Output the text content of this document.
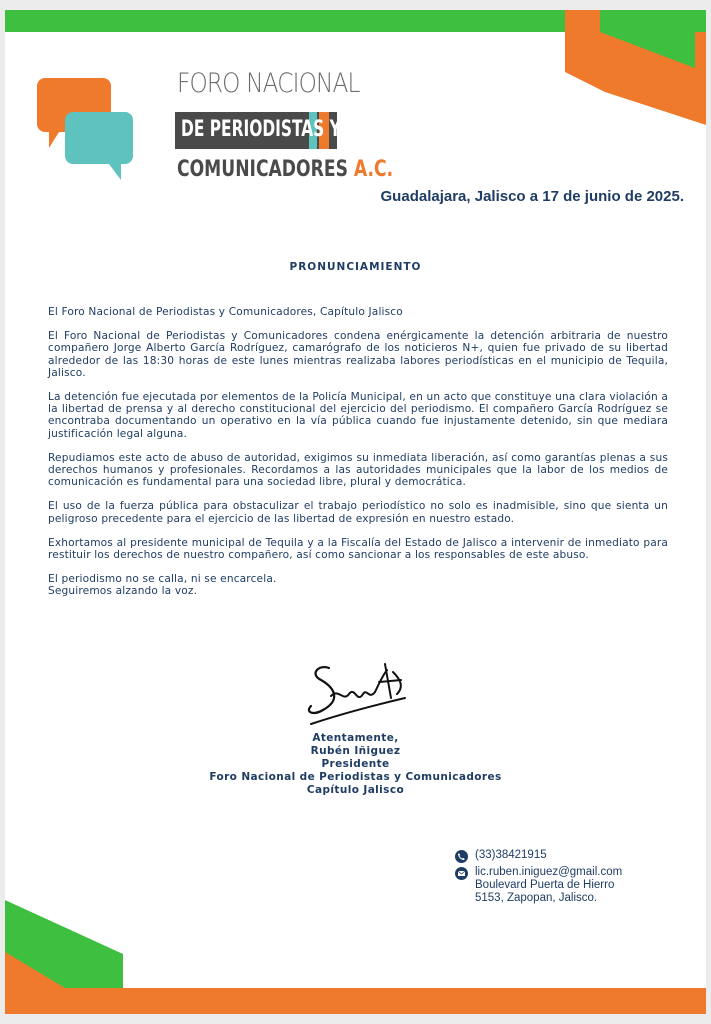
FORO NACIONAL
DE PERIODISTAS Y
COMUNICADORES A.C.
Guadalajara, Jalisco a 17 de junio de 2025.
PRONUNCIAMIENTO

El Foro Nacional de Periodistas y Comunicadores, Capítulo Jalisco

El Foro Nacional de Periodistas y Comunicadores condena enérgicamente la detención arbitraria de nuestro compañero Jorge Alberto García Rodríguez, camarógrafo de los noticieros N+, quien fue privado de su libertad alrededor de las 18:30 horas de este lunes mientras realizaba labores periodísticas en el municipio de Tequila, Jalisco.

La detención fue ejecutada por elementos de la Policía Municipal, en un acto que constituye una clara violación a la libertad de prensa y al derecho constitucional del ejercicio del periodismo. El compañero García Rodríguez se encontraba documentando un operativo en la vía pública cuando fue injustamente detenido, sin que mediara justificación legal alguna.

Repudiamos este acto de abuso de autoridad, exigimos su inmediata liberación, así como garantías plenas a sus derechos humanos y profesionales. Recordamos a las autoridades municipales que la labor de los medios de comunicación es fundamental para una sociedad libre, plural y democrática.

El uso de la fuerza pública para obstaculizar el trabajo periodístico no solo es inadmisible, sino que sienta un peligroso precedente para el ejercicio de las libertad de expresión en nuestro estado.

Exhortamos al presidente municipal de Tequila y a la Fiscalía del Estado de Jalisco a intervenir de inmediato para restituir los derechos de nuestro compañero, así como sancionar a los responsables de este abuso.

El periodismo no se calla, ni se encarcela.
Seguiremos alzando la voz.

Atentamente,
Rubén Iñiguez
Presidente
Foro Nacional de Periodistas y Comunicadores
Capítulo Jalisco
(33)38421915
lic.ruben.iniguez@gmail.com
Boulevard Puerta de Hierro
5153, Zapopan, Jalisco.
